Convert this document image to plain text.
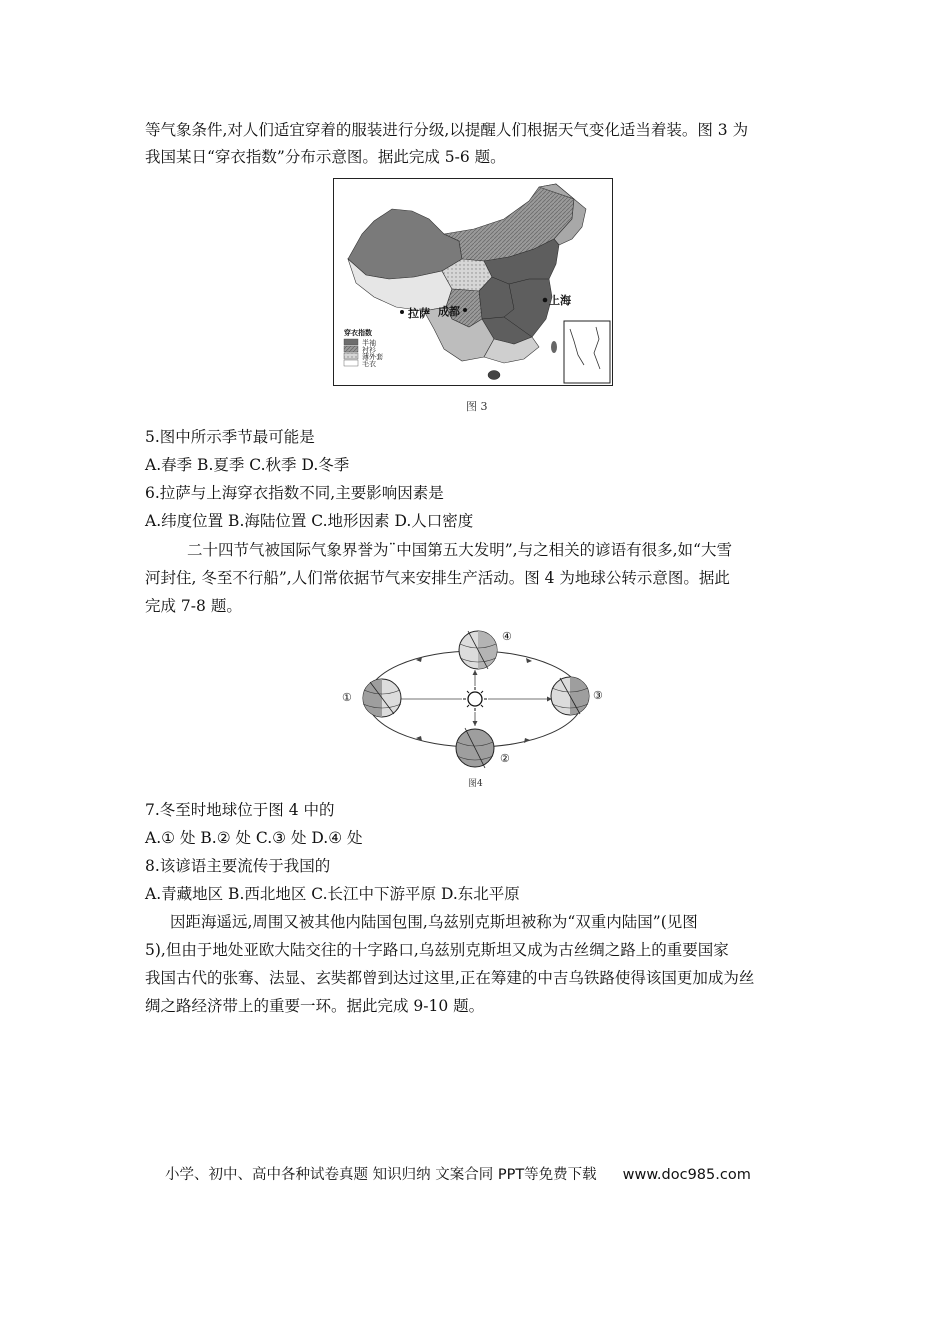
等气象条件,对人们适宜穿着的服装进行分级,以提醒人们根据天气变化适当着装。图 3 为
我国某日“穿衣指数”分布示意图。据此完成 5-6 题。
拉萨 成都
上海
穿衣指数
半袖
衬衫
薄外套
毛衣
图 3
5.图中所示季节最可能是
A.春季 B.夏季 C.秋季 D.冬季
6.拉萨与上海穿衣指数不同,主要影响因素是
A.纬度位置 B.海陆位置 C.地形因素 D.人口密度
二十四节气被国际气象界誉为¨中国第五大发明”,与之相关的谚语有很多,如“大雪
河封住, 冬至不行船”,人们常依据节气来安排生产活动。图 4 为地球公转示意图。据此
完成 7-8 题。
①
②
③
④
图4
7.冬至时地球位于图 4 中的
A.① 处 B.② 处 C.③ 处 D.④ 处
8.该谚语主要流传于我国的
A.青藏地区 B.西北地区 C.长江中下游平原 D.东北平原
因距海遥远,周围又被其他内陆国包围,乌兹别克斯坦被称为“双重内陆国”(见图
5),但由于地处亚欧大陆交往的十字路口,乌兹别克斯坦又成为古丝绸之路上的重要国家
我国古代的张骞、法显、玄奘都曾到达过这里,正在筹建的中吉乌铁路使得该国更加成为丝
绸之路经济带上的重要一环。据此完成 9-10 题。
小学、初中、高中各种试卷真题 知识归纳 文案合同 PPT等免费下载 www.doc985.com
